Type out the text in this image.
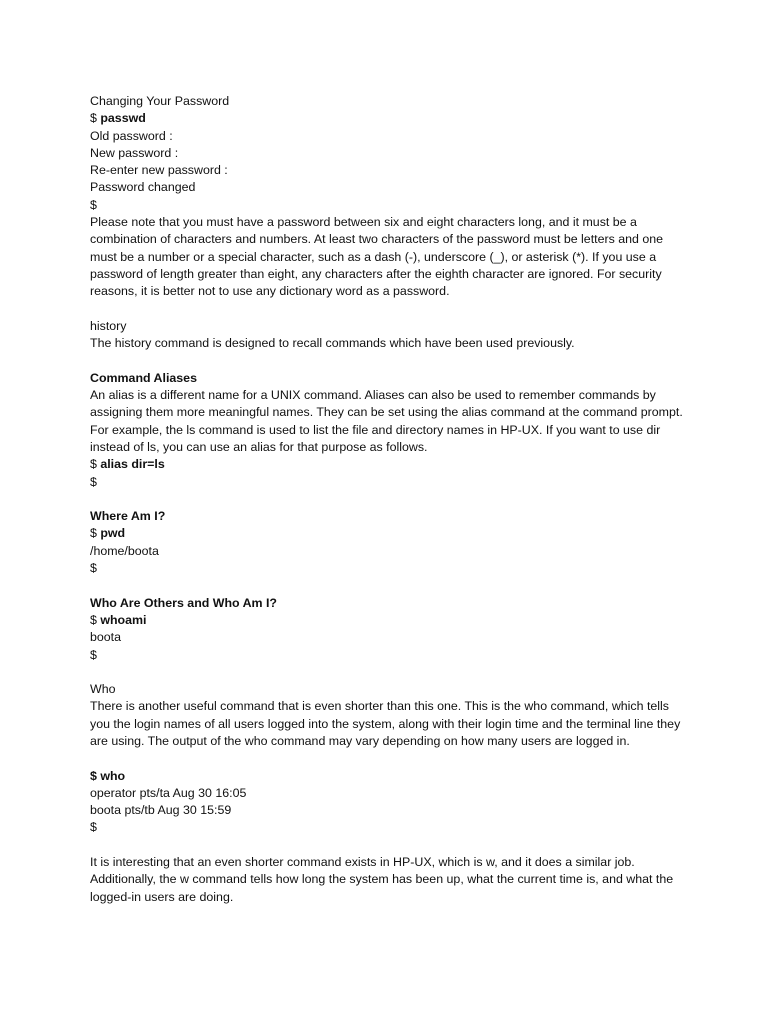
Changing Your Password
$ passwd
Old password :
New password :
Re-enter new password :
Password changed
$
Please note that you must have a password between six and eight characters long, and it must be a combination of characters and numbers. At least two characters of the password must be letters and one must be a number or a special character, such as a dash (-), underscore (_), or asterisk (*). If you use a password of length greater than eight, any characters after the eighth character are ignored. For security reasons, it is better not to use any dictionary word as a password.
history
The history command is designed to recall commands which have been used previously.
Command Aliases
An alias is a different name for a UNIX command. Aliases can also be used to remember commands by assigning them more meaningful names. They can be set using the alias command at the command prompt. For example, the ls command is used to list the file and directory names in HP-UX. If you want to use dir instead of ls, you can use an alias for that purpose as follows.
$ alias dir=ls
$
Where Am I?
$ pwd
/home/boota
$
Who Are Others and Who Am I?
$ whoami
boota
$
Who
There is another useful command that is even shorter than this one. This is the who command, which tells you the login names of all users logged into the system, along with their login time and the terminal line they are using. The output of the who command may vary depending on how many users are logged in.
$ who
operator pts/ta Aug 30 16:05
boota pts/tb Aug 30 15:59
$
It is interesting that an even shorter command exists in HP-UX, which is w, and it does a similar job. Additionally, the w command tells how long the system has been up, what the current time is, and what the logged-in users are doing.
